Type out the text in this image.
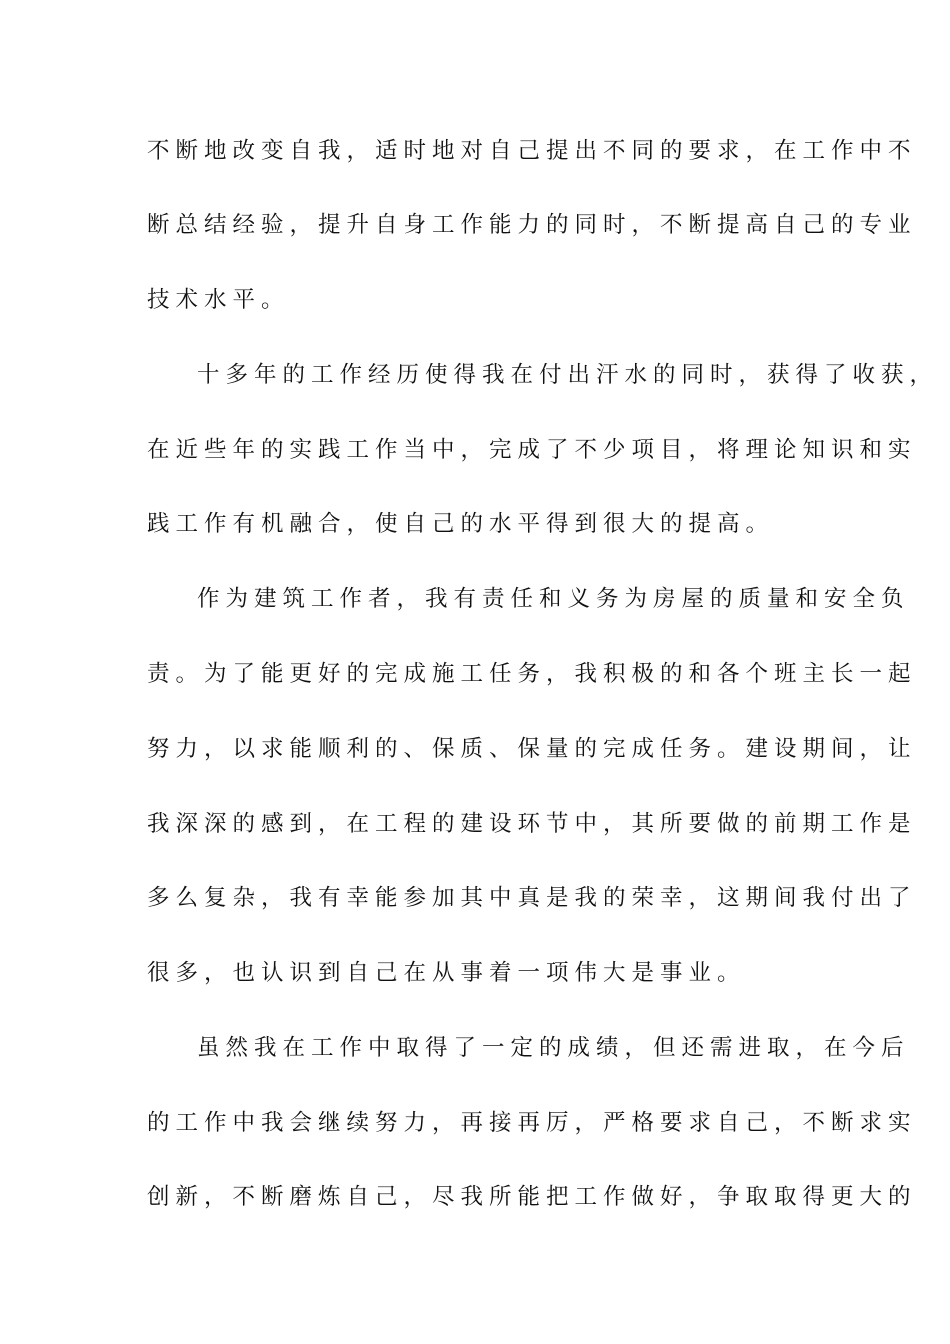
不断地改变自我，适时地对自己提出不同的要求，在工作中不
断总结经验，提升自身工作能力的同时，不断提高自己的专业
技术水平。
十多年的工作经历使得我在付出汗水的同时，获得了收获，
在近些年的实践工作当中，完成了不少项目，将理论知识和实
践工作有机融合，使自己的水平得到很大的提高。
作为建筑工作者，我有责任和义务为房屋的质量和安全负
责。为了能更好的完成施工任务，我积极的和各个班主长一起
努力，以求能顺利的、保质、保量的完成任务。建设期间，让
我深深的感到，在工程的建设环节中，其所要做的前期工作是
多么复杂，我有幸能参加其中真是我的荣幸，这期间我付出了
很多，也认识到自己在从事着一项伟大是事业。
虽然我在工作中取得了一定的成绩，但还需进取，在今后
的工作中我会继续努力，再接再厉，严格要求自己，不断求实
创新，不断磨炼自己，尽我所能把工作做好，争取取得更大的
